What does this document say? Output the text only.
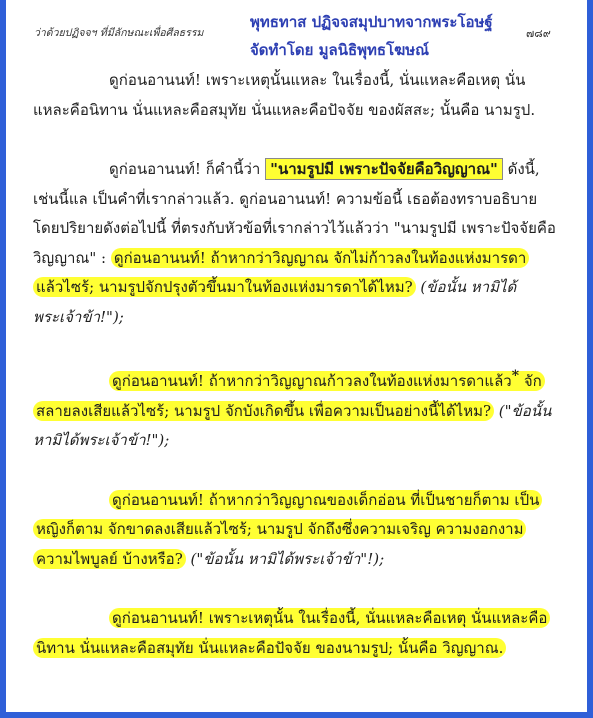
ว่าด้วยปฏิจจฯ ที่มีลักษณะเพื่อศีลธรรม
พุทธทาส ปฏิจจสมุปบาทจากพระโอษฐ์
จัดทำโดย มูลนิธิพุทธโฆษณ์
๗๘๙

ดูก่อนอานนท์! เพราะเหตุนั้นแหละ ในเรื่องนี้, นั่นแหละคือเหตุ นั่นแหละคือนิทาน นั่นแหละคือสมุทัย นั่นแหละคือปัจจัย ของผัสสะ; นั้นคือ นามรูป.

ดูก่อนอานนท์! ก็คำนี้ว่า "นามรูปมี เพราะปัจจัยคือวิญญาณ" ดังนี้, เช่นนี้แล เป็นคำที่เรากล่าวแล้ว. ดูก่อนอานนท์! ความข้อนี้ เธอต้องทราบอธิบายโดยปริยายดังต่อไปนี้ ที่ตรงกับหัวข้อที่เรากล่าวไว้แล้วว่า "นามรูปมี เพราะปัจจัยคือวิญญาณ" : ดูก่อนอานนท์! ถ้าหากว่าวิญญาณ จักไม่ก้าวลงในท้องแห่งมารดา แล้วไซร้; นามรูปจักปรุงตัวขึ้นมาในท้องแห่งมารดาได้ไหม? (ข้อนั้น หามิได้พระเจ้าข้า!");

ดูก่อนอานนท์! ถ้าหากว่าวิญญาณก้าวลงในท้องแห่งมารดาแล้ว* จักสลายลงเสียแล้วไซร้; นามรูป จักบังเกิดขึ้น เพื่อความเป็นอย่างนี้ได้ไหม? ("ข้อนั้น หามิได้พระเจ้าข้า!");

ดูก่อนอานนท์! ถ้าหากว่าวิญญาณของเด็กอ่อน ที่เป็นชายก็ตาม เป็นหญิงก็ตาม จักขาดลงเสียแล้วไซร้; นามรูป จักถึงซึ่งความเจริญ ความงอกงาม ความไพบูลย์ บ้างหรือ? ("ข้อนั้น หามิได้พระเจ้าข้า"!);

ดูก่อนอานนท์! เพราะเหตุนั้น ในเรื่องนี้, นั่นแหละคือเหตุ นั่นแหละคือนิทาน นั่นแหละคือสมุทัย นั่นแหละคือปัจจัย ของนามรูป; นั้นคือ วิญญาณ.
